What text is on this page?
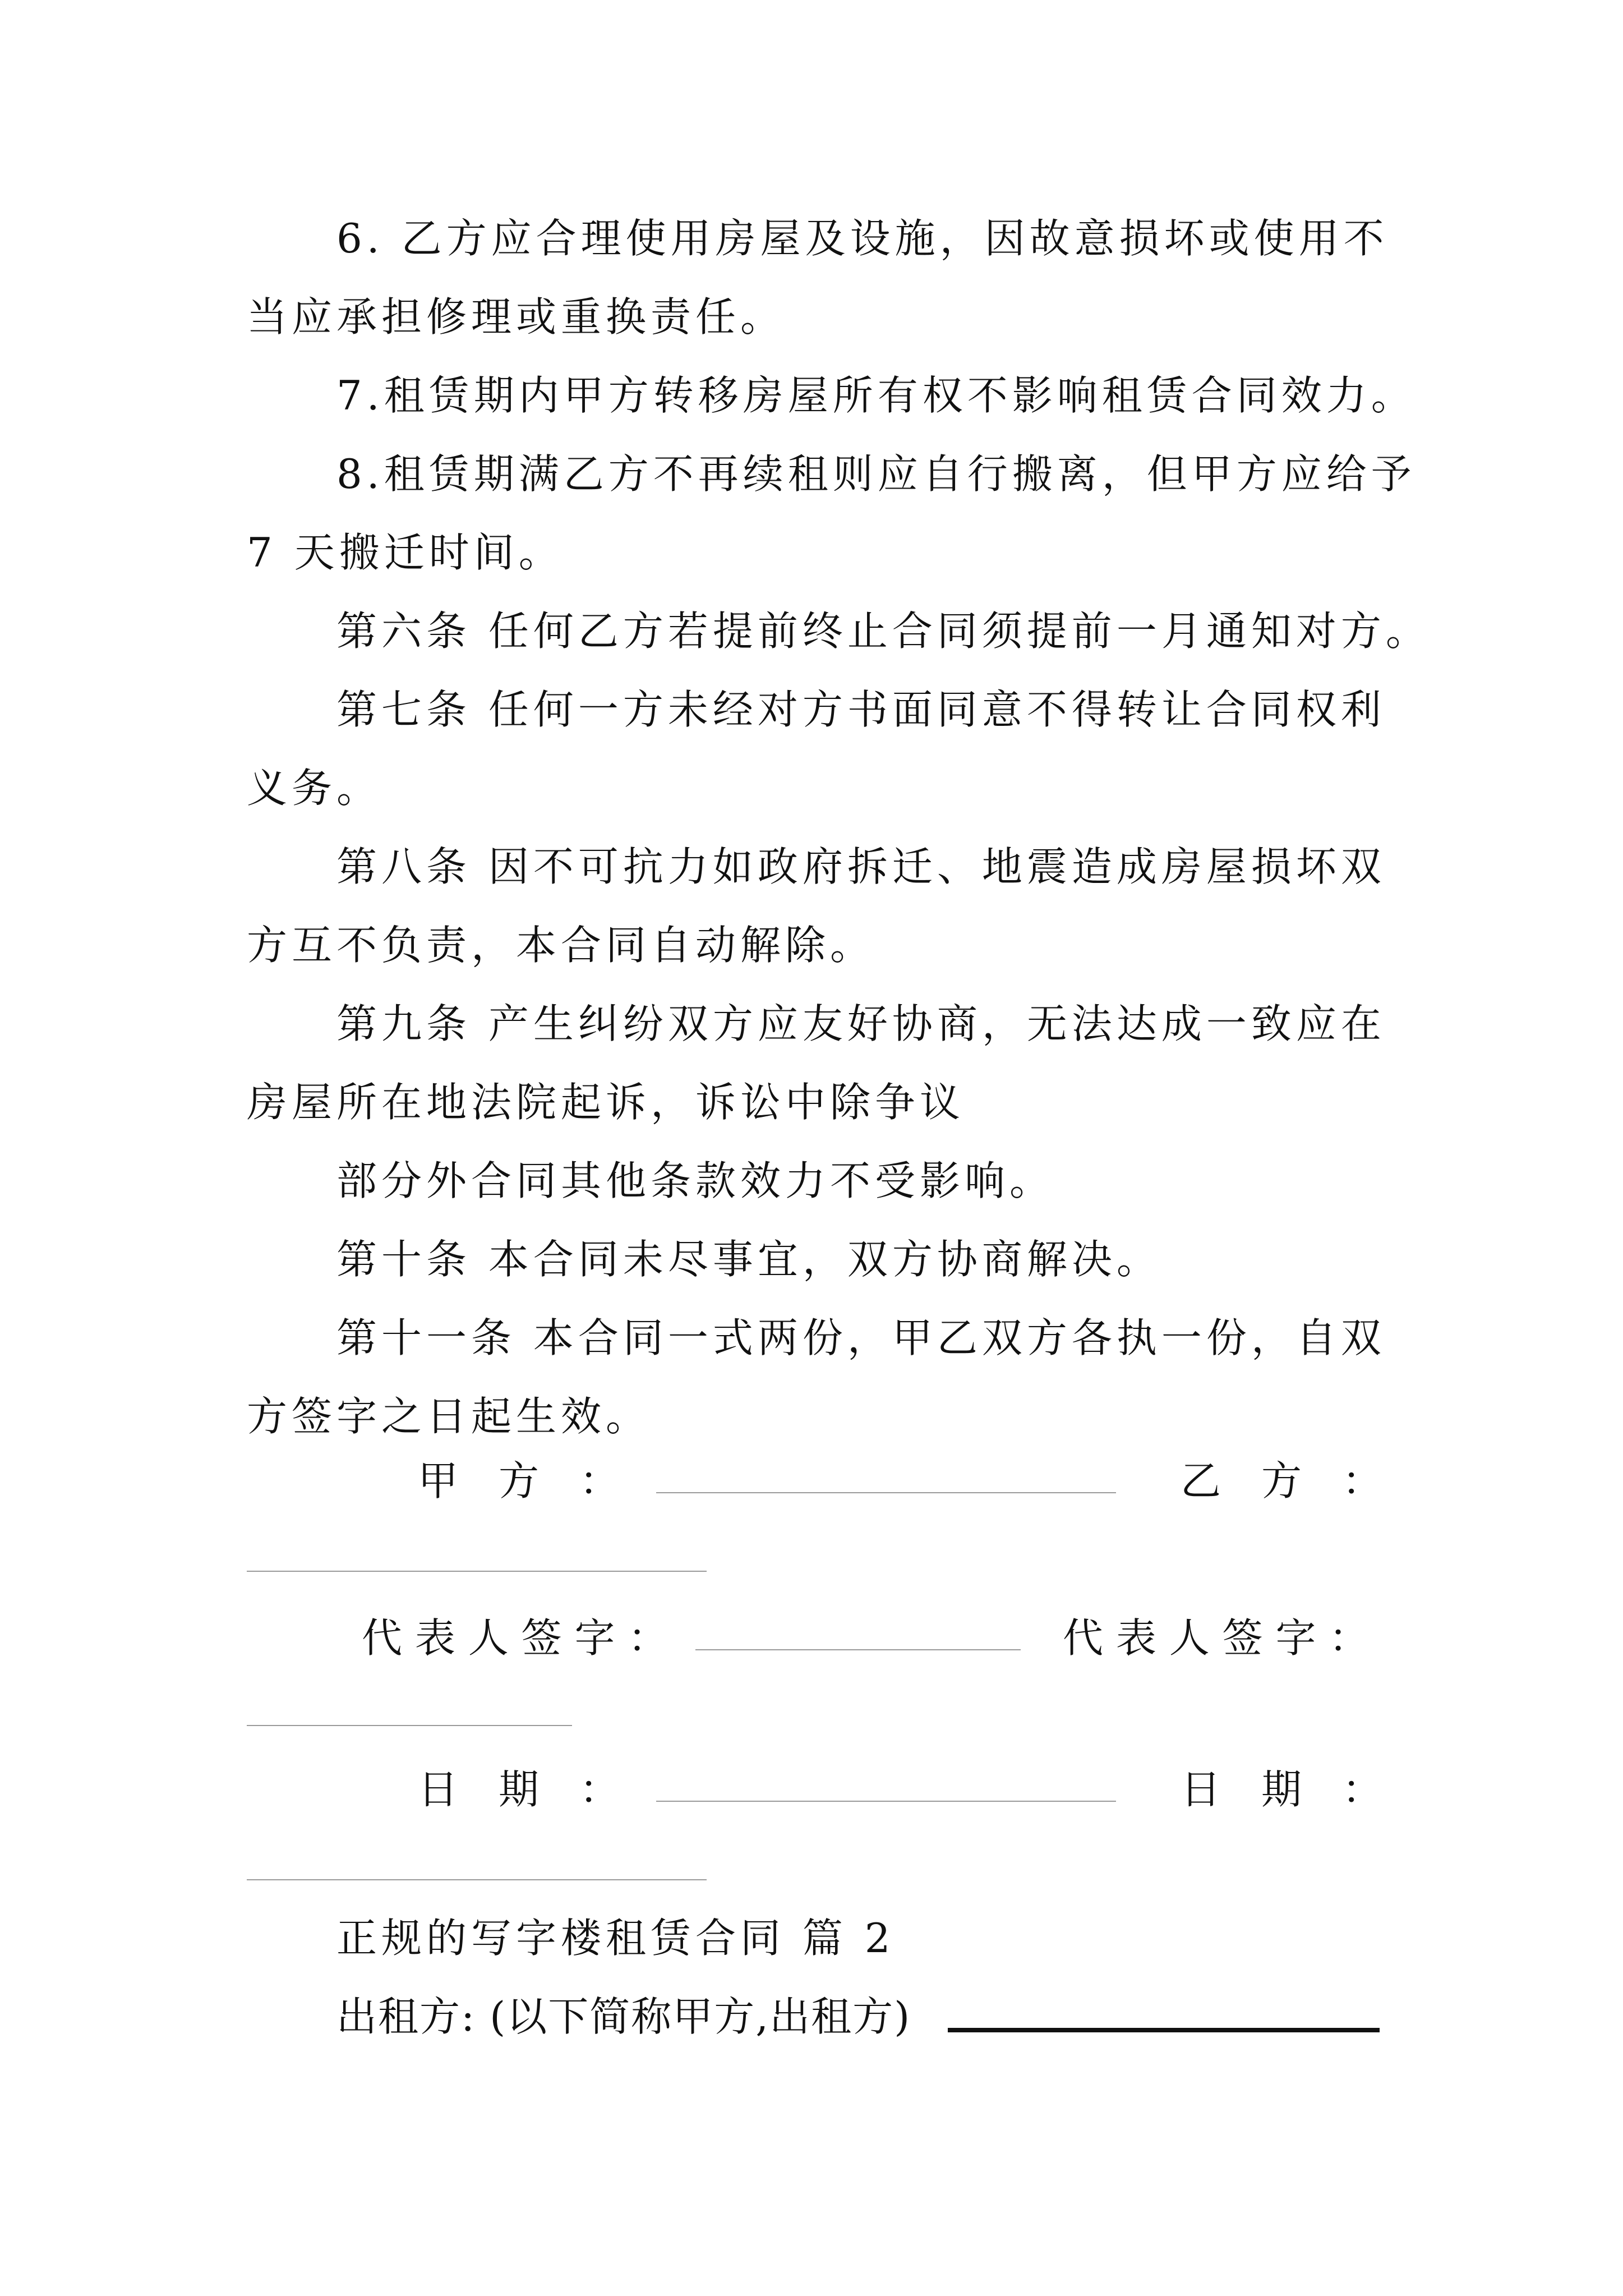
6. 乙方应合理使用房屋及设施，因故意损坏或使用不
当应承担修理或重换责任。
7.租赁期内甲方转移房屋所有权不影响租赁合同效力。
8.租赁期满乙方不再续租则应自行搬离，但甲方应给予
7 天搬迁时间。
第六条 任何乙方若提前终止合同须提前一月通知对方。
第七条 任何一方未经对方书面同意不得转让合同权利
义务。
第八条 因不可抗力如政府拆迁、地震造成房屋损坏双
方互不负责，本合同自动解除。
第九条 产生纠纷双方应友好协商，无法达成一致应在
房屋所在地法院起诉，诉讼中除争议
部分外合同其他条款效力不受影响。
第十条 本合同未尽事宜，双方协商解决。
第十一条 本合同一式两份，甲乙双方各执一份，自双
方签字之日起生效。
甲　方　：	乙　方　：
代 表 人 签 字 ：	代 表 人 签 字 ：
日　期　：	日　期　：
正规的写字楼租赁合同 篇 2
出租方: (以下简称甲方,出租方)
